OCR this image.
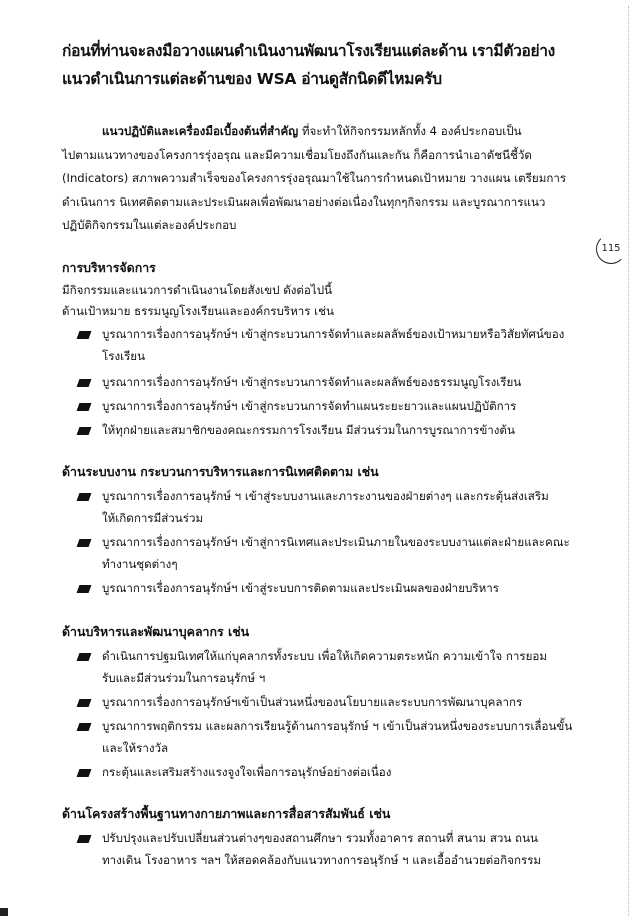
ก่อนที่ท่านจะลงมือวางแผนดำเนินงานพัฒนาโรงเรียนแต่ละด้าน เรามีตัวอย่าง
แนวดำเนินการแต่ละด้านของ WSA อ่านดูสักนิดดีไหมครับ
แนวปฏิบัติและเครื่องมือเบื้องต้นที่สำคัญ ที่จะทำให้กิจกรรมหลักทั้ง 4 องค์ประกอบเป็น
ไปตามแนวทางของโครงการรุ่งอรุณ และมีความเชื่อมโยงถึงกันและกัน ก็คือการนำเอาดัชนีชี้วัด
(Indicators) สภาพความสำเร็จของโครงการรุ่งอรุณมาใช้ในการกำหนดเป้าหมาย วางแผน เตรียมการ
ดำเนินการ นิเทศติดตามและประเมินผลเพื่อพัฒนาอย่างต่อเนื่องในทุกๆกิจกรรม และบูรณาการแนว
ปฏิบัติกิจกรรมในแต่ละองค์ประกอบ
115
การบริหารจัดการ
มีกิจกรรมและแนวการดำเนินงานโดยสังเขป ดังต่อไปนี้
ด้านเป้าหมาย ธรรมนูญโรงเรียนและองค์กรบริหาร เช่น
บูรณาการเรื่องการอนุรักษ์ฯ เข้าสู่กระบวนการจัดทำและผลลัพธ์ของเป้าหมายหรือวิสัยทัศน์ของ
โรงเรียน
บูรณาการเรื่องการอนุรักษ์ฯ เข้าสู่กระบวนการจัดทำและผลลัพธ์ของธรรมนูญโรงเรียน
บูรณาการเรื่องการอนุรักษ์ฯ เข้าสู่กระบวนการจัดทำแผนระยะยาวและแผนปฏิบัติการ
ให้ทุกฝ่ายและสมาชิกของคณะกรรมการโรงเรียน มีส่วนร่วมในการบูรณาการข้างต้น
ด้านระบบงาน กระบวนการบริหารและการนิเทศติดตาม เช่น
บูรณาการเรื่องการอนุรักษ์ ฯ เข้าสู่ระบบงานและภาระงานของฝ่ายต่างๆ และกระตุ้นส่งเสริม
ให้เกิดการมีส่วนร่วม
บูรณาการเรื่องการอนุรักษ์ฯ เข้าสู่การนิเทศและประเมินภายในของระบบงานแต่ละฝ่ายและคณะ
ทำงานชุดต่างๆ
บูรณาการเรื่องการอนุรักษ์ฯ เข้าสู่ระบบการติดตามและประเมินผลของฝ่ายบริหาร
ด้านบริหารและพัฒนาบุคลากร เช่น
ดำเนินการปฐมนิเทศให้แก่บุคลากรทั้งระบบ เพื่อให้เกิดความตระหนัก ความเข้าใจ การยอม
รับและมีส่วนร่วมในการอนุรักษ์ ฯ
บูรณาการเรื่องการอนุรักษ์ฯเข้าเป็นส่วนหนึ่งของนโยบายและระบบการพัฒนาบุคลากร
บูรณาการพฤติกรรม และผลการเรียนรู้ด้านการอนุรักษ์ ฯ เข้าเป็นส่วนหนึ่งของระบบการเลื่อนขั้น
และให้รางวัล
กระตุ้นและเสริมสร้างแรงจูงใจเพื่อการอนุรักษ์อย่างต่อเนื่อง
ด้านโครงสร้างพื้นฐานทางกายภาพและการสื่อสารสัมพันธ์ เช่น
ปรับปรุงและปรับเปลี่ยนส่วนต่างๆของสถานศึกษา รวมทั้งอาคาร สถานที่ สนาม สวน ถนน
ทางเดิน โรงอาหาร ฯลฯ ให้สอดคล้องกับแนวทางการอนุรักษ์ ฯ และเอื้ออำนวยต่อกิจกรรม
